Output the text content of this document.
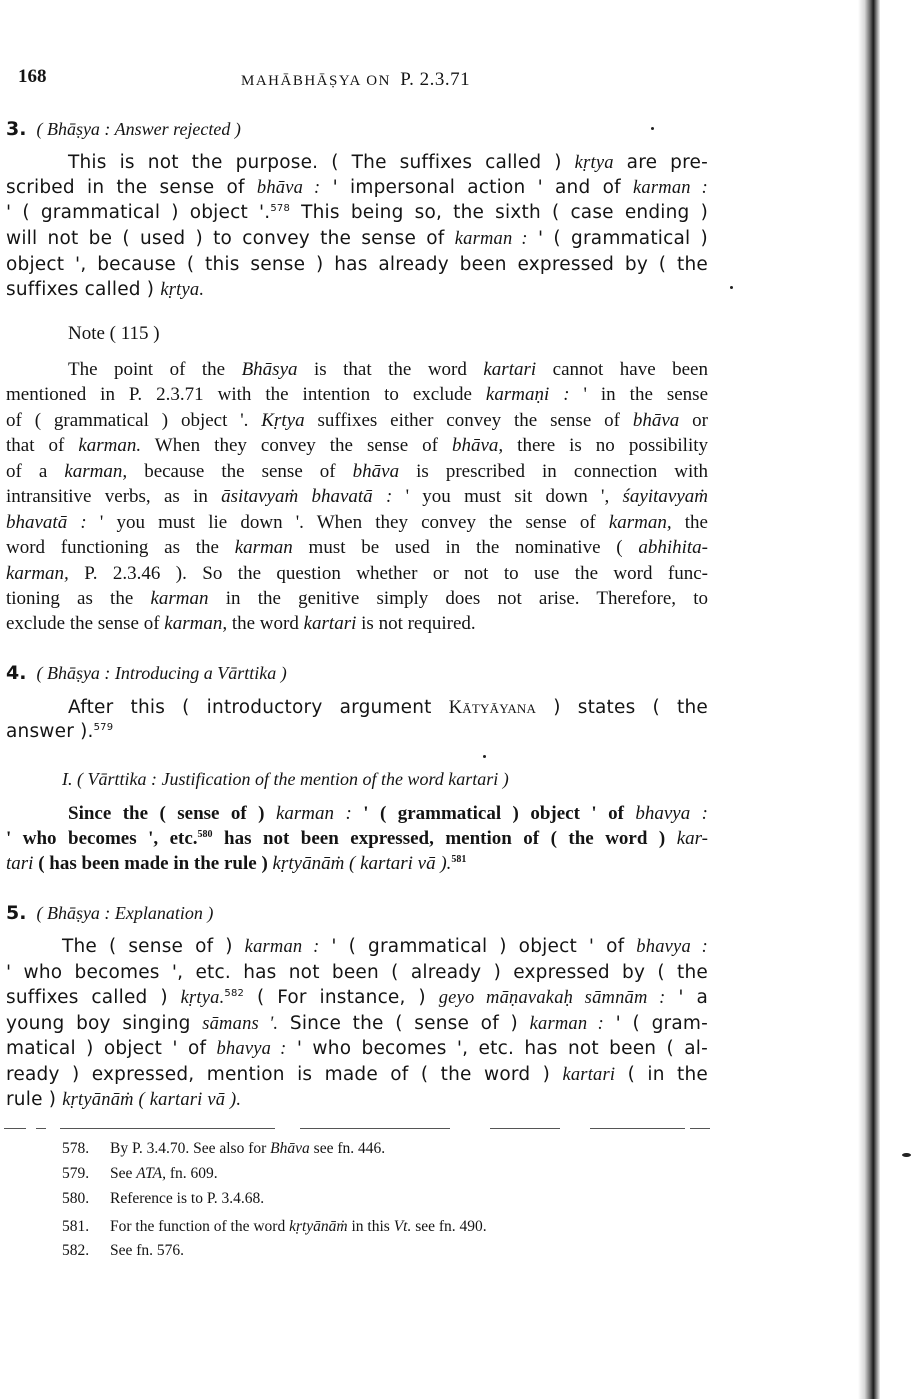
168	MAHĀBHĀṢYA ON P. 2.3.71
3. ( Bhāṣya : Answer rejected )
This is not the purpose. ( The suffixes called ) kṛtya are pre-
scribed in the sense of bhāva : ' impersonal action ' and of karman :
' ( grammatical ) object '.$^{578}$ This being so, the sixth ( case ending )
will not be ( used ) to convey the sense of karman : ' ( grammatical )
object ', because ( this sense ) has already been expressed by ( the
suffixes called ) kṛtya.
Note ( 115 )
The point of the Bhāsya is that the word kartari cannot have been
mentioned in P. 2.3.71 with the intention to exclude karmaṇi : ' in the sense
of ( grammatical ) object '. Kṛtya suffixes either convey the sense of bhāva or
that of karman. When they convey the sense of bhāva, there is no possibility
of a karman, because the sense of bhāva is prescribed in connection with
intransitive verbs, as in āsitavyaṁ bhavatā : ' you must sit down ', śayitavyaṁ
bhavatā : ' you must lie down '. When they convey the sense of karman, the
word functioning as the karman must be used in the nominative ( abhihita-
karman, P. 2.3.46 ). So the question whether or not to use the word func-
tioning as the karman in the genitive simply does not arise. Therefore, to
exclude the sense of karman, the word kartari is not required.
4. ( Bhāṣya : Introducing a Vārttika )
After this ( introductory argument Kātyāyana ) states ( the
answer ).$^{579}$
I. ( Vārttika : Justification of the mention of the word kartari )
Since the ( sense of ) karman : ' ( grammatical ) object ' of bhavya :
' who becomes ', etc.$^{580}$ has not been expressed, mention of ( the word ) kar-
tari ( has been made in the rule ) kṛtyānāṁ ( kartari vā ).$^{581}$
5. ( Bhāṣya : Explanation )
The ( sense of ) karman : ' ( grammatical ) object ' of bhavya :
' who becomes ', etc. has not been ( already ) expressed by ( the
suffixes called ) kṛtya.$^{582}$ ( For instance, ) geyo māṇavakaḥ sāmnām : ' a
young boy singing sāmans '. Since the ( sense of ) karman : ' ( gram-
matical ) object ' of bhavya : ' who becomes ', etc. has not been ( al-
ready ) expressed, mention is made of ( the word ) kartari ( in the
rule ) kṛtyānāṁ ( kartari vā ).
578. By P. 3.4.70. See also for Bhāva see fn. 446.
579. See ATA, fn. 609.
580. Reference is to P. 3.4.68.
581. For the function of the word kṛtyānāṁ in this Vt. see fn. 490.
582. See fn. 576.
